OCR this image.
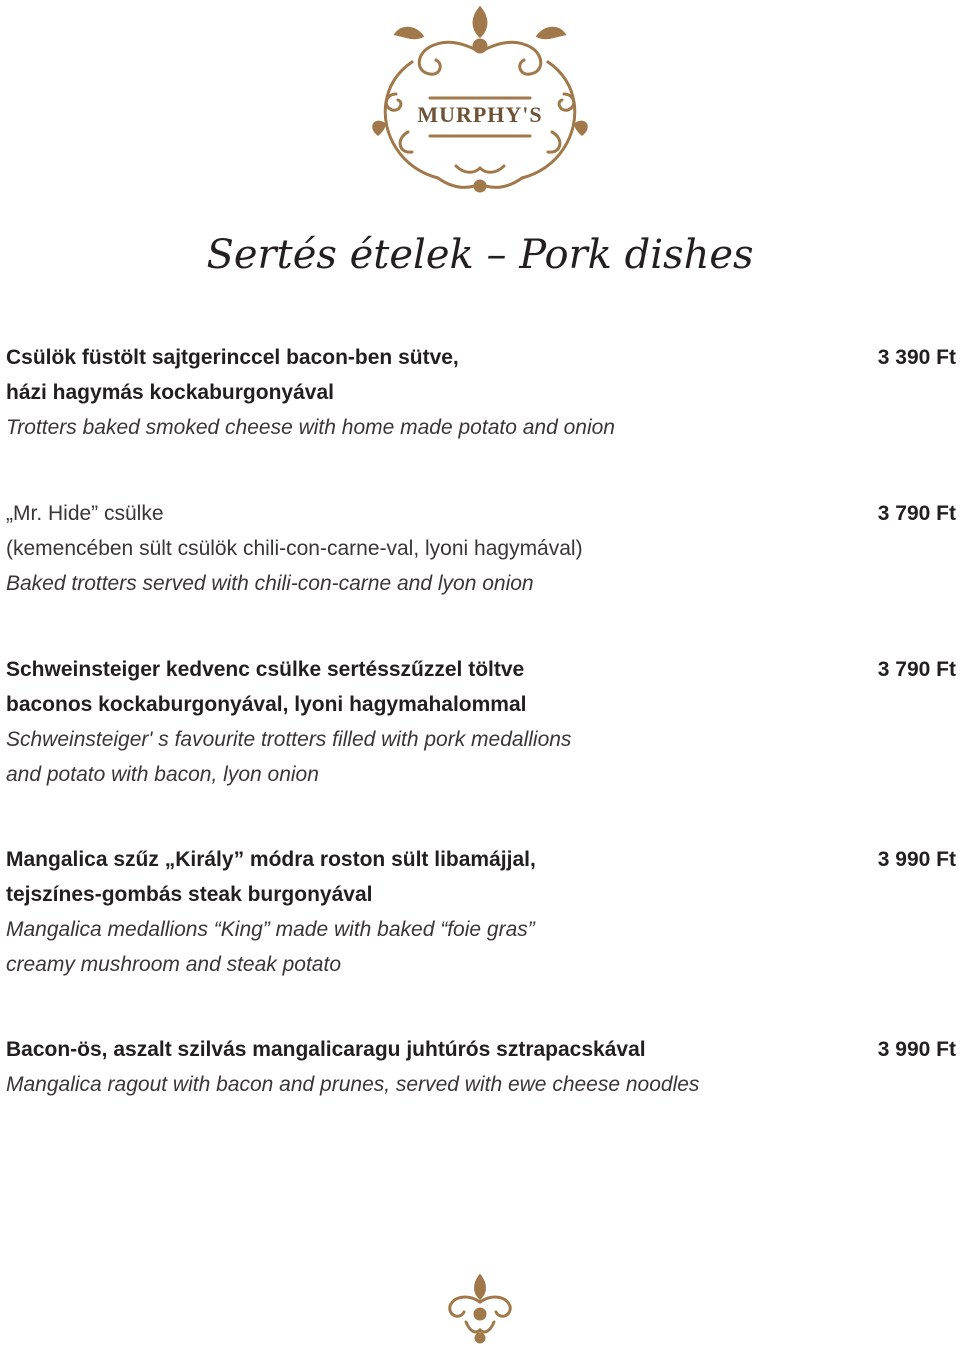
MURPHY'S
Sertés ételek – Pork dishes
Csülök füstölt sajtgerinccel bacon-ben sütve,
házi hagymás kockaburgonyával
Trotters baked smoked cheese with home made potato and onion
3 390 Ft
„Mr. Hide” csülke
(kemencében sült csülök chili-con-carne-val, lyoni hagymával)
Baked trotters served with chili-con-carne and lyon onion
3 790 Ft
Schweinsteiger kedvenc csülke sertésszűzzel töltve
baconos kockaburgonyával, lyoni hagymahalommal
Schweinsteiger' s favourite trotters filled with pork medallions
and potato with bacon, lyon onion
3 790 Ft
Mangalica szűz „Király” módra roston sült libamájjal,
tejszínes-gombás steak burgonyával
Mangalica medallions “King” made with baked “foie gras”
creamy mushroom and steak potato
3 990 Ft
Bacon-ös, aszalt szilvás mangalicaragu juhtúrós sztrapacskával
Mangalica ragout with bacon and prunes, served with ewe cheese noodles
3 990 Ft
